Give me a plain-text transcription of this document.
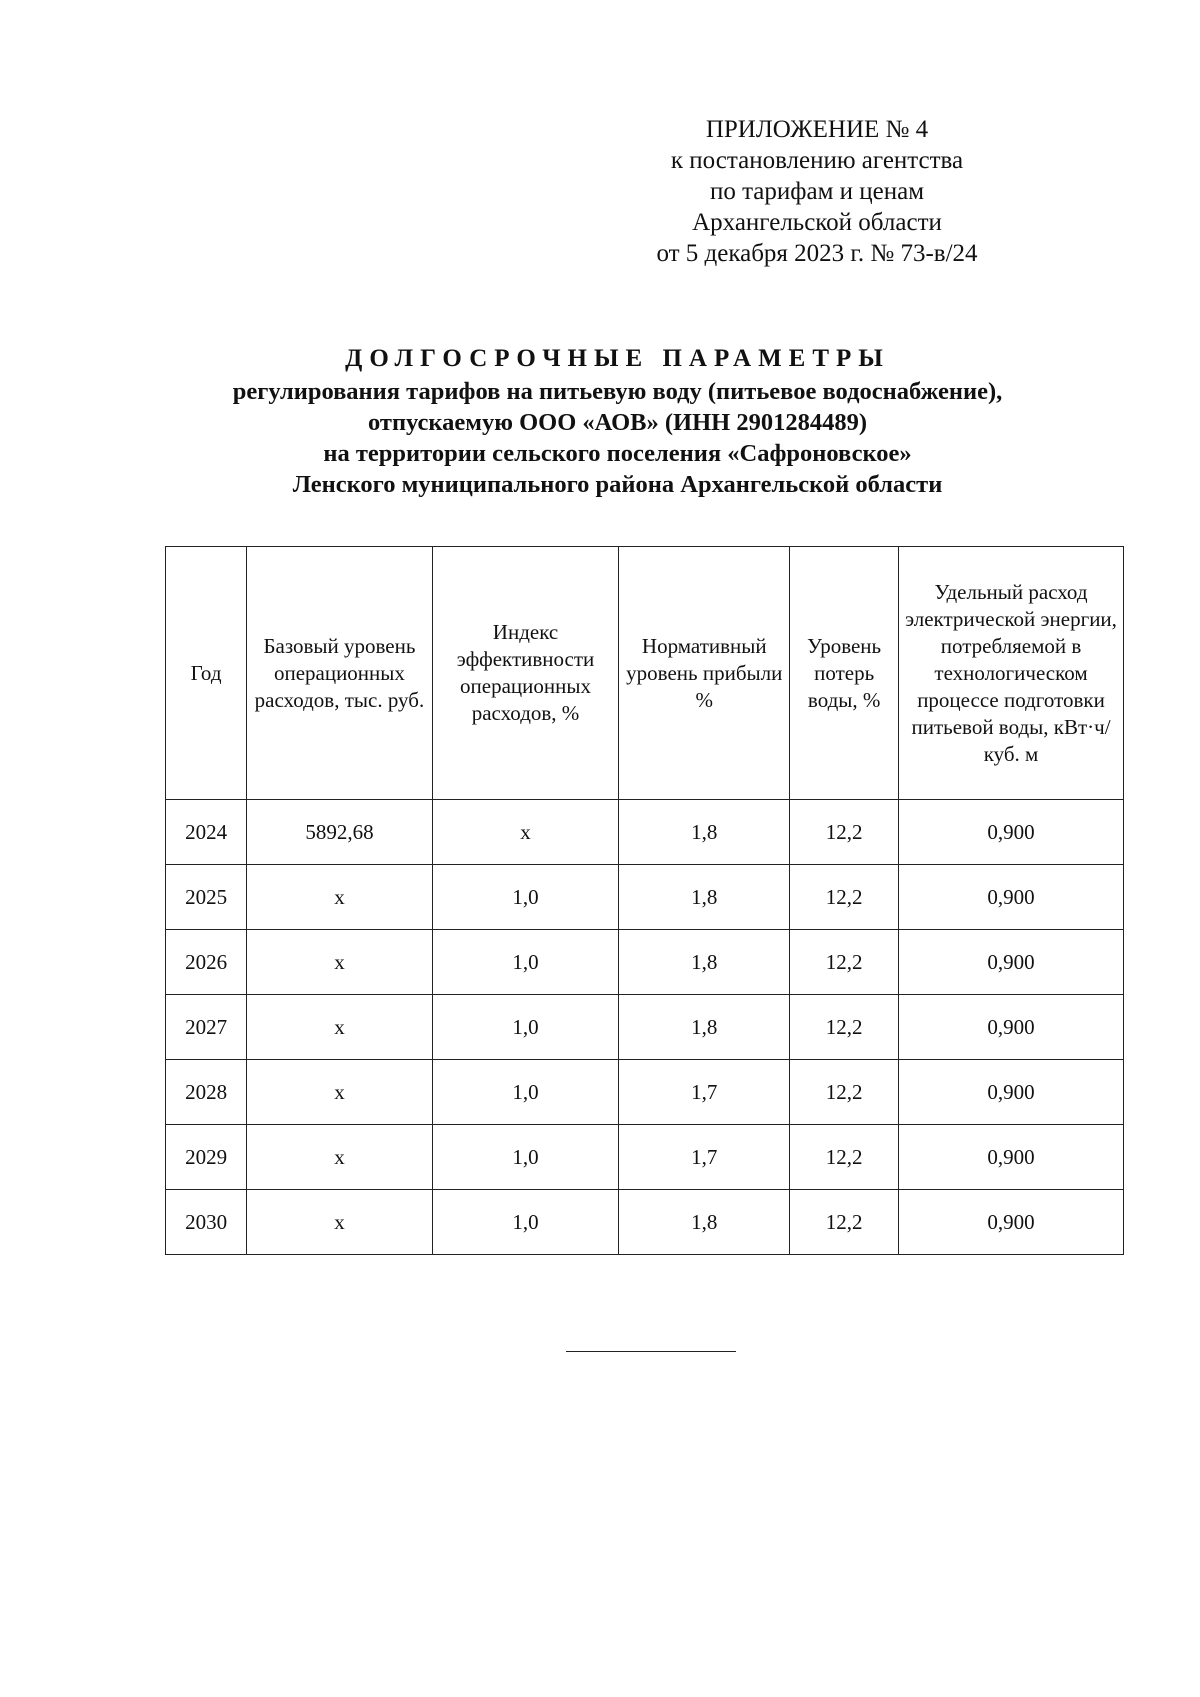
ПРИЛОЖЕНИЕ № 4
к постановлению агентства
по тарифам и ценам
Архангельской области
от 5 декабря 2023 г. № 73-в/24
ДОЛГОСРОЧНЫЕ ПАРАМЕТРЫ
регулирования тарифов на питьевую воду (питьевое водоснабжение),
отпускаемую ООО «АОВ» (ИНН 2901284489)
на территории сельского поселения «Сафроновское»
Ленского муниципального района Архангельской области
Год	Базовый уровень операционных расходов, тыс. руб.	Индекс эффективности операционных расходов, %	Нормативный уровень прибыли %	Уровень потерь воды, %	Удельный расход электрической энергии, потребляемой в технологическом процессе подготовки питьевой воды, кВт·ч/куб. м
2024	5892,68	х	1,8	12,2	0,900
2025	х	1,0	1,8	12,2	0,900
2026	х	1,0	1,8	12,2	0,900
2027	х	1,0	1,8	12,2	0,900
2028	х	1,0	1,7	12,2	0,900
2029	х	1,0	1,7	12,2	0,900
2030	х	1,0	1,8	12,2	0,900
